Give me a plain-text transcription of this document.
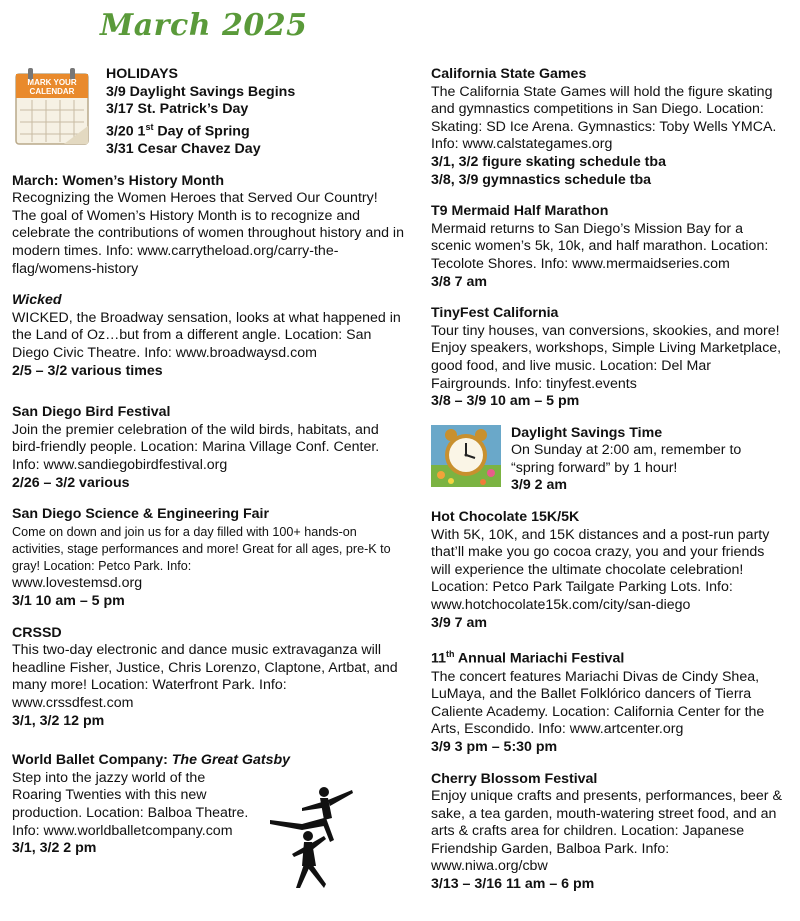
March 2025
MARK YOUR
CALENDAR
HOLIDAYS
3/9 Daylight Savings Begins
3/17 St. Patrick’s Day
3/20 1st Day of Spring
3/31 Cesar Chavez Day
March: Women’s History Month
Recognizing the Women Heroes that Served Our Country! The goal of Women’s History Month is to recognize and celebrate the contributions of women throughout history and in modern times. Info: www.carrytheload.org/carry-the-flag/womens-history
Wicked
WICKED, the Broadway sensation, looks at what happened in the Land of Oz…but from a different angle. Location: San Diego Civic Theatre. Info: www.broadwaysd.com
2/5 – 3/2 various times
San Diego Bird Festival
Join the premier celebration of the wild birds, habitats, and bird-friendly people. Location: Marina Village Conf. Center. Info: www.sandiegobirdfestival.org
2/26 – 3/2 various
San Diego Science & Engineering Fair
Come on down and join us for a day filled with 100+ hands-on activities, stage performances and more! Great for all ages, pre-K to gray! Location: Petco Park. Info:
www.lovestemsd.org
3/1 10 am – 5 pm
CRSSD
This two-day electronic and dance music extravaganza will headline Fisher, Justice, Chris Lorenzo, Claptone, Artbat, and many more! Location: Waterfront Park. Info: www.crssdfest.com
3/1, 3/2 12 pm
World Ballet Company: The Great Gatsby
Step into the jazzy world of the Roaring Twenties with this new production. Location: Balboa Theatre. Info: www.worldballetcompany.com
3/1, 3/2 2 pm
California State Games
The California State Games will hold the figure skating and gymnastics competitions in San Diego. Location: Skating: SD Ice Arena. Gymnastics: Toby Wells YMCA. Info: www.calstategames.org
3/1, 3/2 figure skating schedule tba
3/8, 3/9 gymnastics schedule tba
T9 Mermaid Half Marathon
Mermaid returns to San Diego’s Mission Bay for a scenic women’s 5k, 10k, and half marathon. Location: Tecolote Shores. Info: www.mermaidseries.com
3/8 7 am
TinyFest California
Tour tiny houses, van conversions, skookies, and more! Enjoy speakers, workshops, Simple Living Marketplace, good food, and live music. Location: Del Mar Fairgrounds. Info: tinyfest.events
3/8 – 3/9 10 am – 5 pm
Daylight Savings Time
On Sunday at 2:00 am, remember to “spring forward” by 1 hour!
3/9 2 am
Hot Chocolate 15K/5K
With 5K, 10K, and 15K distances and a post-run party that’ll make you go cocoa crazy, you and your friends will experience the ultimate chocolate celebration! Location: Petco Park Tailgate Parking Lots. Info: www.hotchocolate15k.com/city/san-diego
3/9 7 am
11th Annual Mariachi Festival
The concert features Mariachi Divas de Cindy Shea, LuMaya, and the Ballet Folklórico dancers of Tierra Caliente Academy. Location: California Center for the Arts, Escondido. Info: www.artcenter.org
3/9 3 pm – 5:30 pm
Cherry Blossom Festival
Enjoy unique crafts and presents, performances, beer & sake, a tea garden, mouth-watering street food, and an arts & crafts area for children. Location: Japanese Friendship Garden, Balboa Park. Info: www.niwa.org/cbw
3/13 – 3/16 11 am – 6 pm
